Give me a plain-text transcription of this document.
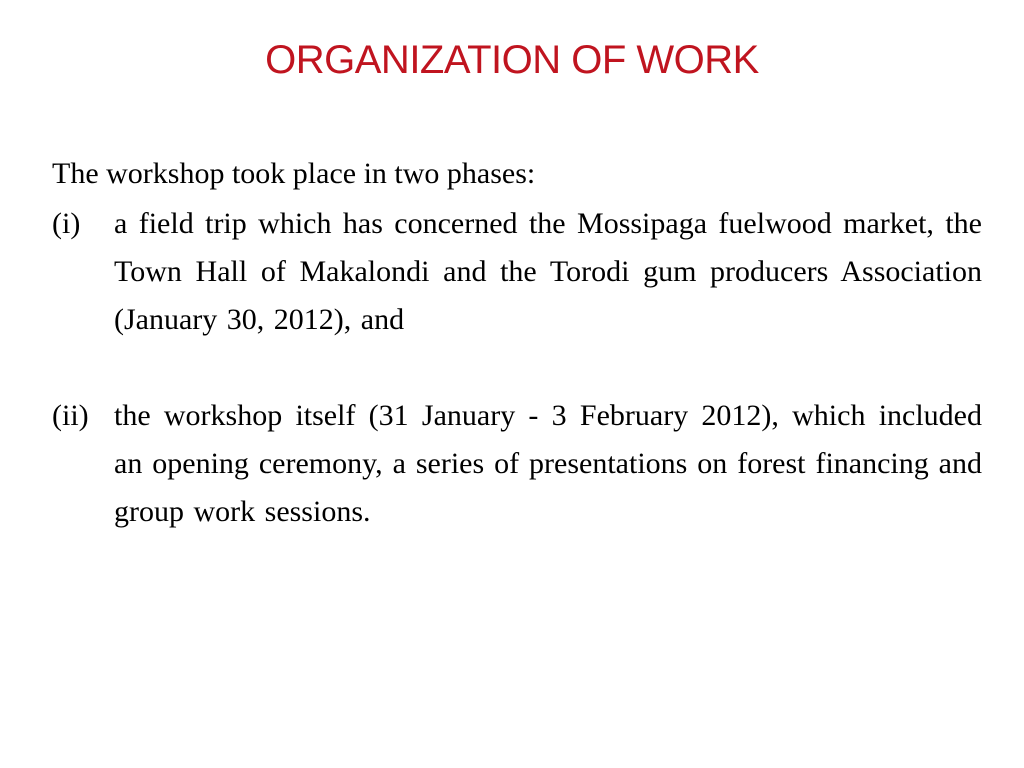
ORGANIZATION OF WORK
The workshop took place in two phases:
(i)	a field trip which has concerned the Mossipaga fuelwood market, the Town Hall of Makalondi and the Torodi gum producers Association (January 30, 2012), and
(ii) the workshop itself (31 January - 3 February 2012), which included an opening ceremony, a series of presentations on forest financing and group work sessions.
